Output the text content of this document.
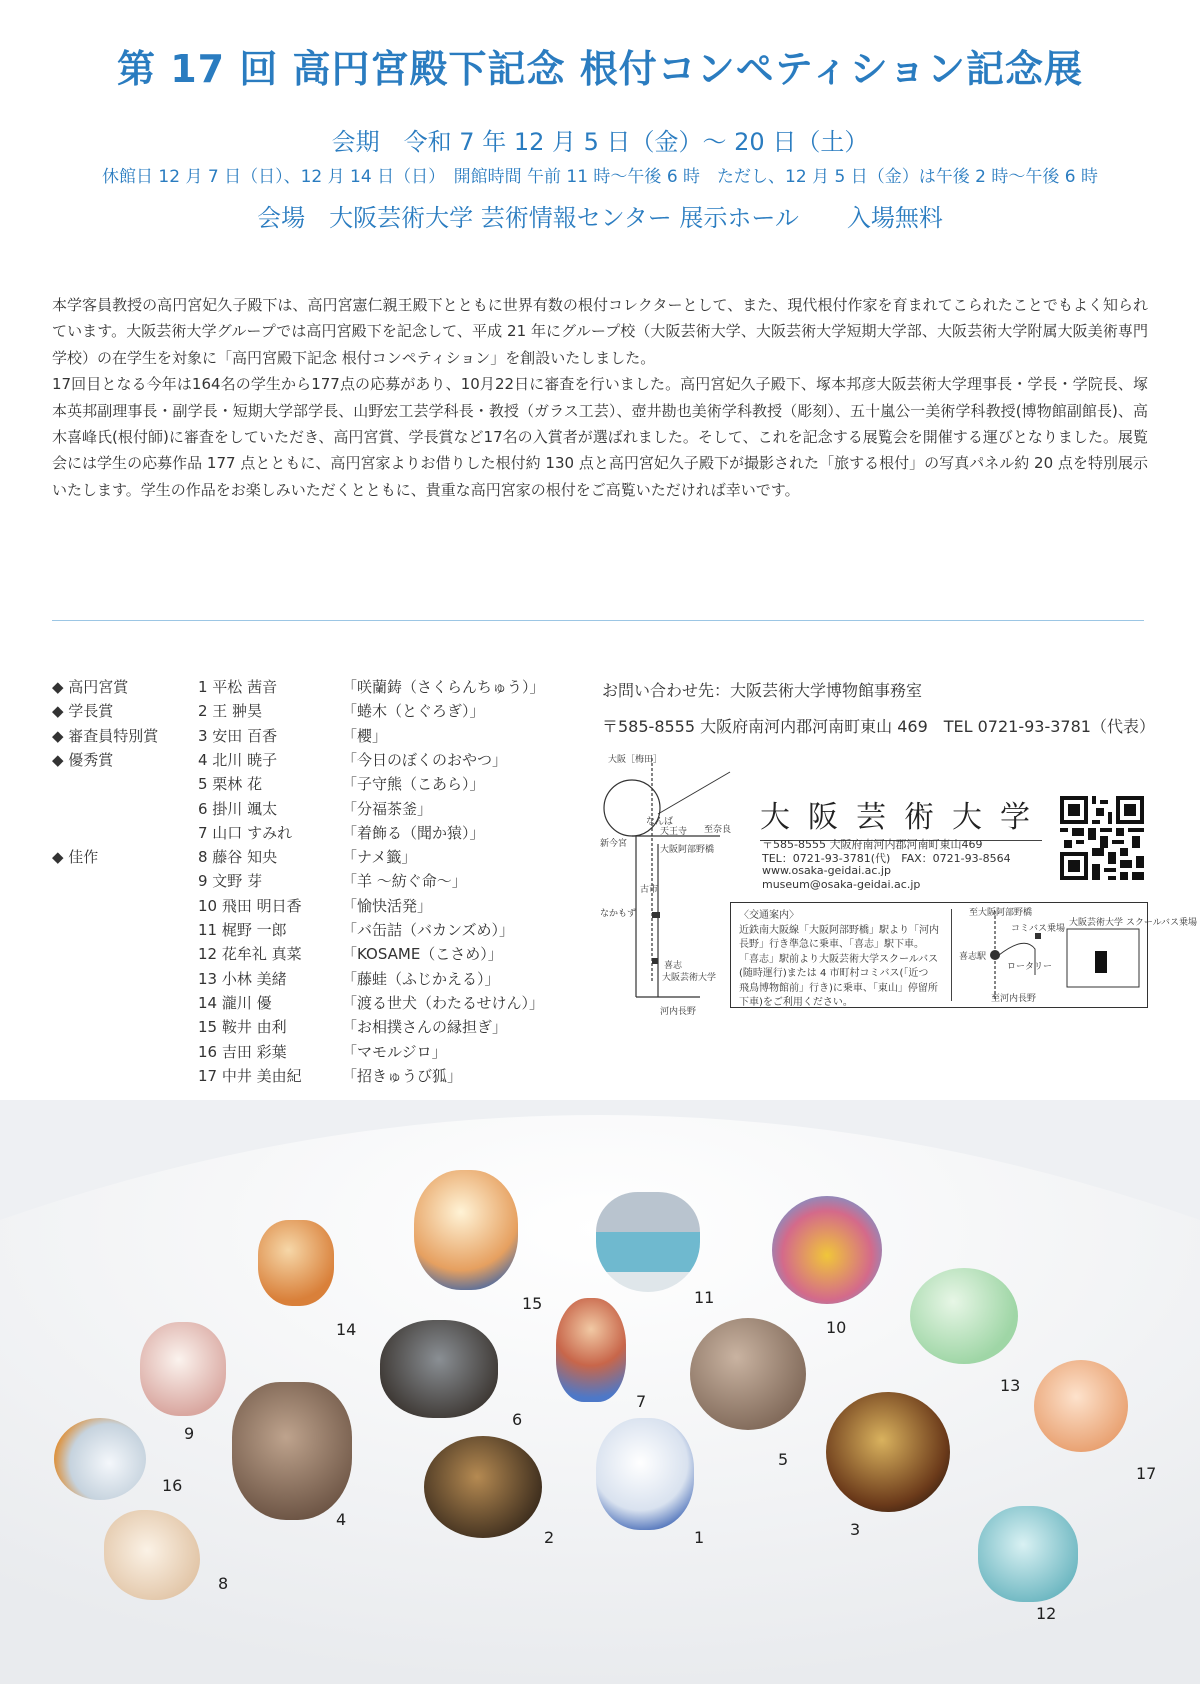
第 17 回 高円宮殿下記念 根付コンペティション記念展
会期　令和 7 年 12 月 5 日（金）～ 20 日（土）
休館日 12 月 7 日（日）、12 月 14 日（日）　開館時間 午前 11 時～午後 6 時　ただし、12 月 5 日（金）は午後 2 時～午後 6 時
会場　大阪芸術大学 芸術情報センター 展示ホール　　入場無料

本学客員教授の高円宮妃久子殿下は、高円宮憲仁親王殿下とともに世界有数の根付コレクターとして、また、現代根付作家を育まれてこられたことでもよく知られています。大阪芸術大学グループでは高円宮殿下を記念して、平成 21 年にグループ校（大阪芸術大学、大阪芸術大学短期大学部、大阪芸術大学附属大阪美術専門学校）の在学生を対象に「高円宮殿下記念 根付コンペティション」を創設いたしました。

17回目となる今年は164名の学生から177点の応募があり、10月22日に審査を行いました。高円宮妃久子殿下、塚本邦彦大阪芸術大学理事長・学長・学院長、塚本英邦副理事長・副学長・短期大学部学長、山野宏工芸学科長・教授（ガラス工芸）、壺井勘也美術学科教授（彫刻）、五十嵐公一美術学科教授(博物館副館長)、高木喜峰氏(根付師)に審査をしていただき、高円宮賞、学長賞など17名の入賞者が選ばれました。そして、これを記念する展覧会を開催する運びとなりました。展覧会には学生の応募作品 177 点とともに、高円宮家よりお借りした根付約 130 点と高円宮妃久子殿下が撮影された「旅する根付」の写真パネル約 20 点を特別展示いたします。学生の作品をお楽しみいただくとともに、貴重な高円宮家の根付をご高覧いただければ幸いです。

◆ 高円宮賞	1 平松 茜音	「咲蘭鋳（さくらんちゅう）」
◆ 学長賞	2 王 翀昊	「蜷木（とぐろぎ）」
◆ 審査員特別賞	3 安田 百香	「櫻」
◆ 優秀賞	4 北川 暁子	「今日のぼくのおやつ」
5 栗林 花	「子守熊（こあら）」
6 掛川 颯太	「分福茶釜」
7 山口 すみれ	「着飾る（聞か猿）」
◆ 佳作	8 藤谷 知央	「ナメ籤」
9 文野 芽	「羊 ～紡ぐ命～」
10 飛田 明日香	「愉快活発」
11 梶野 一郎	「バ缶詰（バカンズめ）」
12 花牟礼 真菜	「KOSAME（こさめ）」
13 小林 美緒	「藤蛙（ふじかえる）」
14 瀧川 優	「渡る世犬（わたるせけん）」
15 鞍井 由利	「お相撲さんの縁担ぎ」
16 吉田 彩葉	「マモルジロ」
17 中井 美由紀	「招きゅうび狐」
お問い合わせ先：大阪芸術大学博物館事務室
〒585-8555 大阪府南河内郡河南町東山 469　TEL 0721-93-3781（代表）
大阪［梅田］
大阪阿部野橋
新今宮
なんば
天王寺 至奈良
なかもず
古市
喜志
大阪芸術大学
河内長野
大阪芸術大学
〒585-8555 大阪府南河内郡河南町東山469
TEL：0721-93-3781(代)　FAX：0721-93-8564
www.osaka-geidai.ac.jp
museum@osaka-geidai.ac.jp
〈交通案内〉
近鉄南大阪線「大阪阿部野橋」駅より「河内
長野」行き準急に乗車、「喜志」駅下車。
「喜志」駅前より大阪芸術大学スクールバス
(随時運行)または 4 市町村コミバス(「近つ
飛鳥博物館前」行き)に乗車、「東山」停留所
下車)をご利用ください。
至大阪阿部野橋
喜志駅
コミバス乗場
ロータリー
大阪芸術大学 スクールバス乗場
至河内長野
14
15	11
10
13
9
6
7
5
17
16
4
2	1	3
8
12
